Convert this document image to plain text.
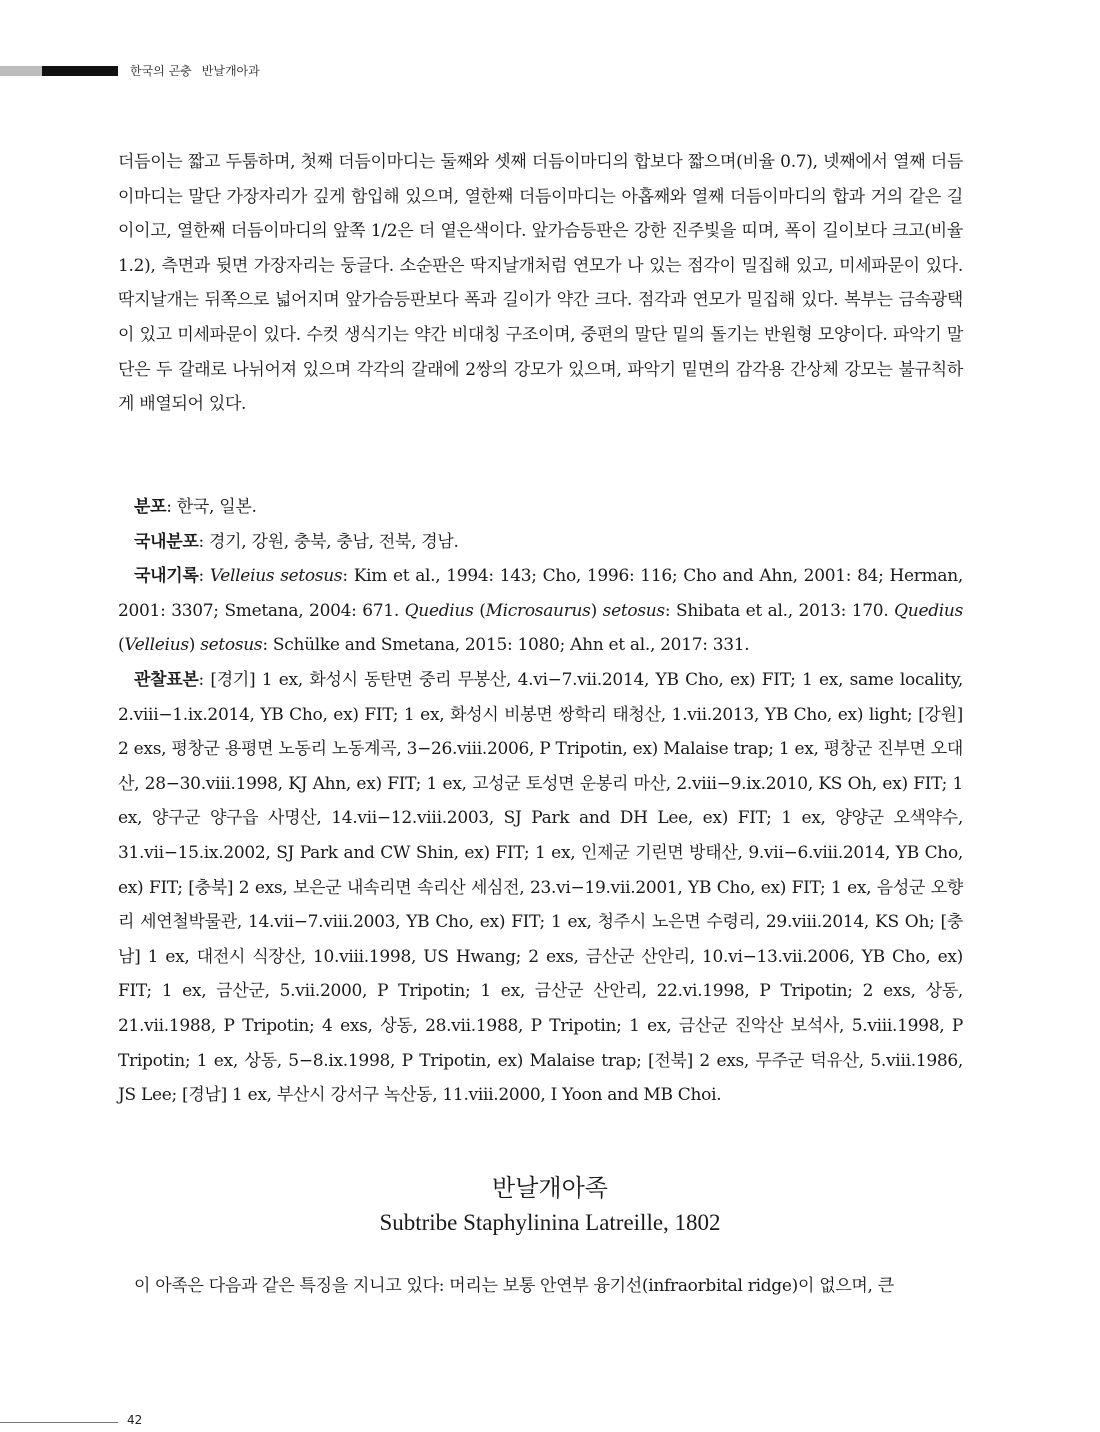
한국의 곤충 반날개아과

더듬이는 짧고 두툼하며, 첫째 더듬이마디는 둘째와 셋째 더듬이마디의 합보다 짧으며(비율 0.7), 넷째에서 열째 더듬이마디는 말단 가장자리가 깊게 함입해 있으며, 열한째 더듬이마디는 아홉째와 열째 더듬이마디의 합과 거의 같은 길이이고, 열한째 더듬이마디의 앞쪽 1/2은 더 옅은색이다. 앞가슴등판은 강한 진주빛을 띠며, 폭이 길이보다 크고(비율 1.2), 측면과 뒷면 가장자리는 둥글다. 소순판은 딱지날개처럼 연모가 나 있는 점각이 밀집해 있고, 미세파문이 있다. 딱지날개는 뒤쪽으로 넓어지며 앞가슴등판보다 폭과 길이가 약간 크다. 점각과 연모가 밀집해 있다. 복부는 금속광택이 있고 미세파문이 있다. 수컷 생식기는 약간 비대칭 구조이며, 중편의 말단 밑의 돌기는 반원형 모양이다. 파악기 말단은 두 갈래로 나뉘어져 있으며 각각의 갈래에 2쌍의 강모가 있으며, 파악기 밑면의 감각용 간상체 강모는 불규칙하게 배열되어 있다.

분포: 한국, 일본.

국내분포: 경기, 강원, 충북, 충남, 전북, 경남.

국내기록: Velleius setosus: Kim et al., 1994: 143; Cho, 1996: 116; Cho and Ahn, 2001: 84; Herman, 2001: 3307; Smetana, 2004: 671. Quedius (Microsaurus) setosus: Shibata et al., 2013: 170. Quedius (Velleius) setosus: Schülke and Smetana, 2015: 1080; Ahn et al., 2017: 331.

관찰표본: [경기] 1 ex, 화성시 동탄면 중리 무봉산, 4.vi−7.vii.2014, YB Cho, ex) FIT; 1 ex, same locality, 2.viii−1.ix.2014, YB Cho, ex) FIT; 1 ex, 화성시 비봉면 쌍학리 태청산, 1.vii.2013, YB Cho, ex) light; [강원] 2 exs, 평창군 용평면 노동리 노동계곡, 3−26.viii.2006, P Tripotin, ex) Malaise trap; 1 ex, 평창군 진부면 오대산, 28−30.viii.1998, KJ Ahn, ex) FIT; 1 ex, 고성군 토성면 운봉리 마산, 2.viii−9.ix.2010, KS Oh, ex) FIT; 1 ex, 양구군 양구읍 사명산, 14.vii−12.viii.2003, SJ Park and DH Lee, ex) FIT; 1 ex, 양양군 오색약수, 31.vii−15.ix.2002, SJ Park and CW Shin, ex) FIT; 1 ex, 인제군 기린면 방태산, 9.vii−6.viii.2014, YB Cho, ex) FIT; [충북] 2 exs, 보은군 내속리면 속리산 세심전, 23.vi−19.vii.2001, YB Cho, ex) FIT; 1 ex, 음성군 오향리 세연철박물관, 14.vii−7.viii.2003, YB Cho, ex) FIT; 1 ex, 청주시 노은면 수령리, 29.viii.2014, KS Oh; [충남] 1 ex, 대전시 식장산, 10.viii.1998, US Hwang; 2 exs, 금산군 산안리, 10.vi−13.vii.2006, YB Cho, ex) FIT; 1 ex, 금산군, 5.vii.2000, P Tripotin; 1 ex, 금산군 산안리, 22.vi.1998, P Tripotin; 2 exs, 상동, 21.vii.1988, P Tripotin; 4 exs, 상동, 28.vii.1988, P Tripotin; 1 ex, 금산군 진악산 보석사, 5.viii.1998, P Tripotin; 1 ex, 상동, 5−8.ix.1998, P Tripotin, ex) Malaise trap; [전북] 2 exs, 무주군 덕유산, 5.viii.1986, JS Lee; [경남] 1 ex, 부산시 강서구 녹산동, 11.viii.2000, I Yoon and MB Choi.

반날개아족
Subtribe Staphylinina Latreille, 1802

이 아족은 다음과 같은 특징을 지니고 있다: 머리는 보통 안연부 융기선(infraorbital ridge)이 없으며, 큰

42
